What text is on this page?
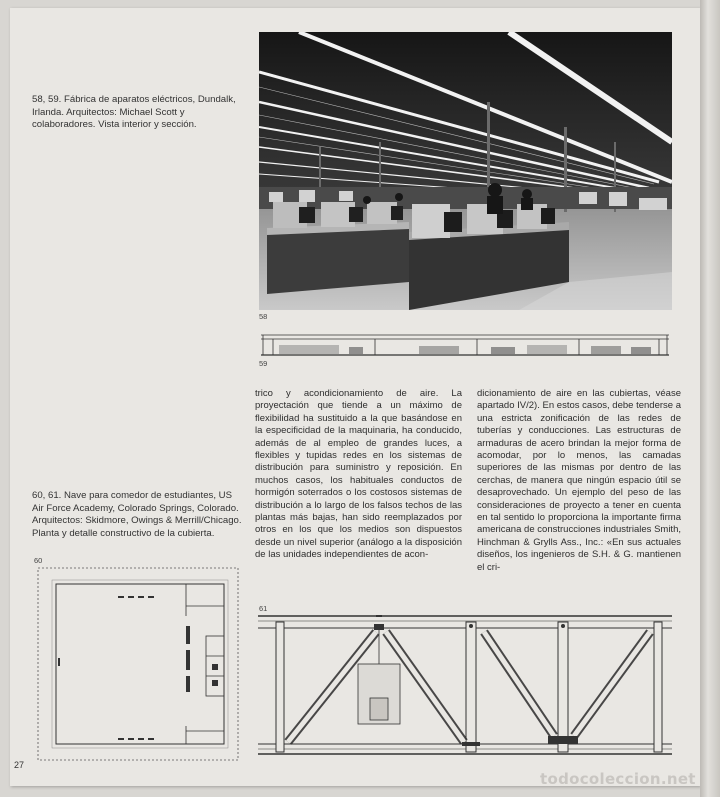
58, 59. Fábrica de aparatos eléctricos, Dundalk, Irlanda. Arquitectos: Michael Scott y colaboradores. Vista interior y sección.
58
59
trico y acondicionamiento de aire. La proyectación que tiende a un máximo de flexibilidad ha sustituido a la que basándose en la especificidad de la maquinaria, ha conducido, además de al empleo de grandes luces, a flexibles y tupidas redes en los sistemas de distribución para suministro y reposición. En muchos casos, los habituales conductos de hormigón soterrados o los costosos sistemas de distribución a lo largo de los falsos techos de las plantas más bajas, han sido reemplazados por otros en los que los medios son dispuestos desde un nivel superior (análogo a la disposición de las unidades independientes de acon-
dicionamiento de aire en las cubiertas, véase apartado IV/2). En estos casos, debe tenderse a una estricta zonificación de las redes de tuberías y conducciones. Las estructuras de armaduras de acero brindan la mejor forma de acomodar, por lo menos, las camadas superiores de las mismas por dentro de las cerchas, de manera que ningún espacio útil se desaprovechado. Un ejemplo del peso de las consideraciones de proyecto a tener en cuenta en tal sentido lo proporciona la importante firma americana de construcciones industriales Smith, Hinchman & Grylls Ass., Inc.: «En sus actuales diseños, los ingenieros de S.H. & G. mantienen el cri-
60, 61. Nave para comedor de estudiantes, US Air Force Academy, Colorado Springs, Colorado. Arquitectos: Skidmore, Owings & Merrill/Chicago. Planta y detalle constructivo de la cubierta.
60
61
27
todocoleccion.net
